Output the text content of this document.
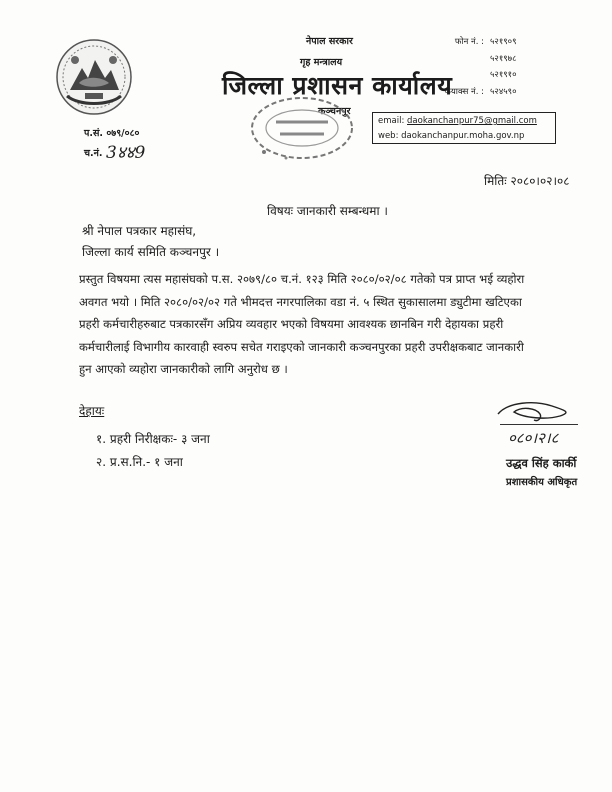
नेपाल सरकार
गृह मन्त्रालय
जिल्ला प्रशासन कार्यालय
कञ्चनपुर
फोन नं. : ५२१९०९
५२१९७८
५२१९१०
फयाक्स नं. : ५२४५९०
email: daokanchanpur75@gmail.com
web: daokanchanpur.moha.gov.np
प.सं. ०७९/०८०
च.नं. 3४४9
मितिः २०८०।०२।०८
विषयः जानकारी सम्बन्धमा ।
श्री नेपाल पत्रकार महासंघ,
जिल्ला कार्य समिति कञ्चनपुर ।
प्रस्तुत विषयमा त्यस महासंघको प.स. २०७९/८० च.नं. १२३ मिति २०८०/०२/०८ गतेको पत्र प्राप्त भई व्यहोरा
अवगत भयो । मिति २०८०/०२/०२ गते भीमदत्त नगरपालिका वडा नं. ५ स्थित सुकासालमा ड्युटीमा खटिएका
प्रहरी कर्मचारीहरुबाट पत्रकारसँग अप्रिय व्यवहार भएको विषयमा आवश्यक छानबिन गरी देहायका प्रहरी
कर्मचारीलाई विभागीय कारवाही स्वरुप सचेत गराइएको जानकारी कञ्चनपुरका प्रहरी उपरीक्षकबाट जानकारी
हुन आएको व्यहोरा जानकारीको लागि अनुरोध छ ।
देहायः
१. प्रहरी निरीक्षकः- ३ जना
२. प्र.स.नि.- १ जना
०८०।२।८
उद्धव सिंह कार्की
प्रशासकीय अधिकृत
